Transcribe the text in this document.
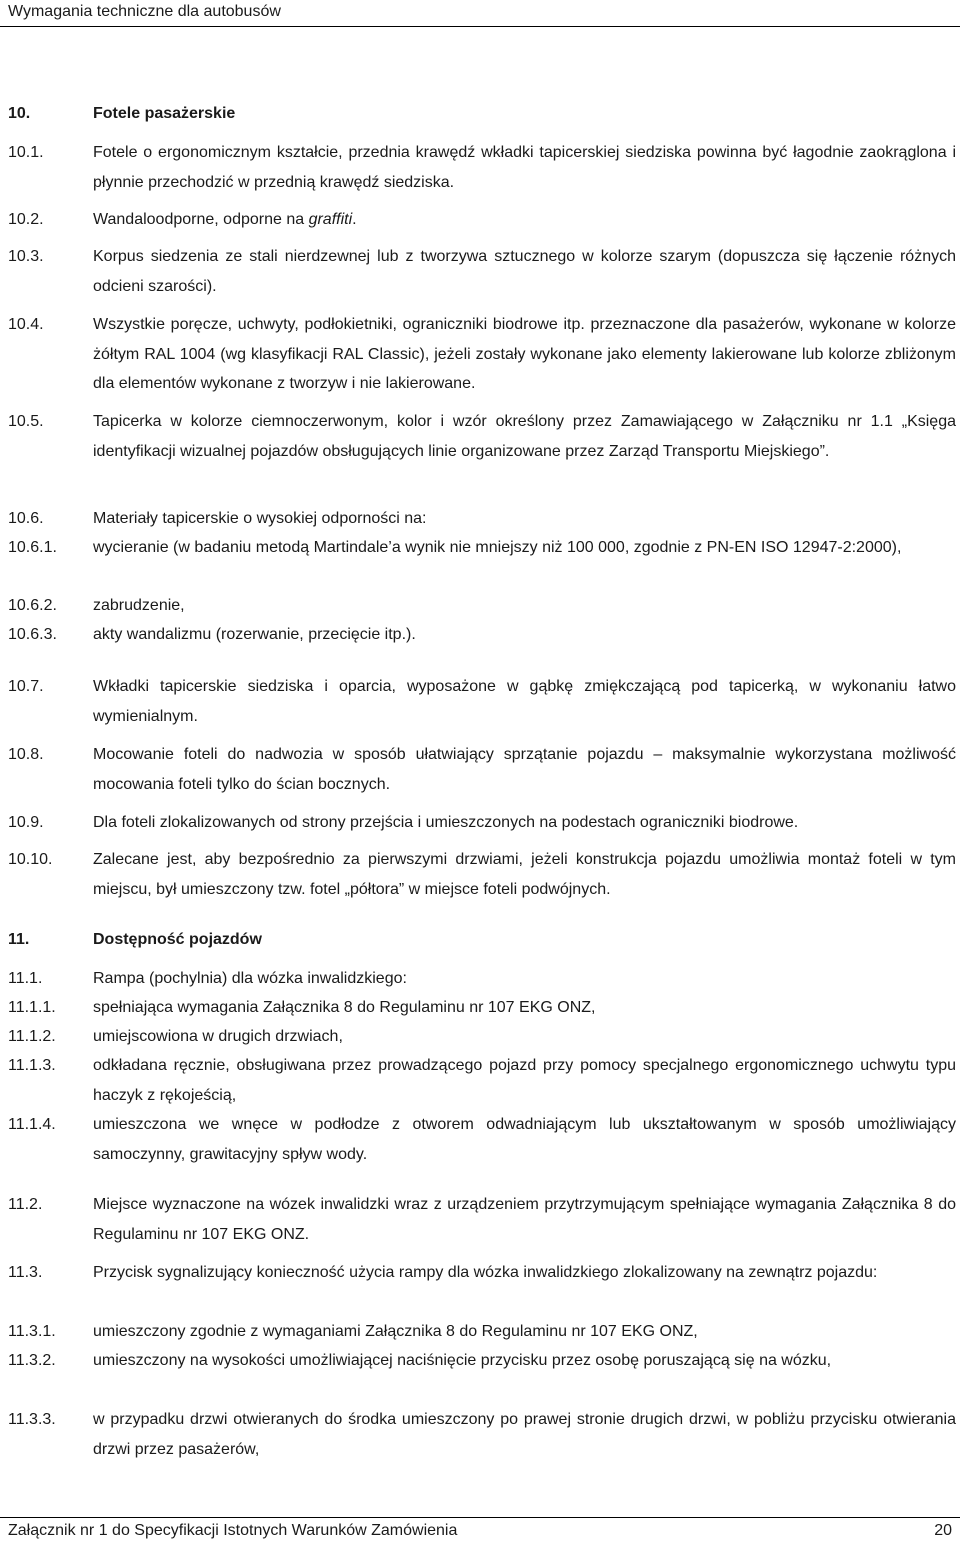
Wymagania techniczne dla autobusów
10.	Fotele pasażerskie
10.1.	Fotele o ergonomicznym kształcie, przednia krawędź wkładki tapicerskiej siedziska powinna być łagodnie zaokrąglona i płynnie przechodzić w przednią krawędź siedziska.
10.2.	Wandaloodporne, odporne na graffiti.
10.3.	Korpus siedzenia ze stali nierdzewnej lub z tworzywa sztucznego w kolorze szarym (dopuszcza się łączenie różnych odcieni szarości).
10.4.	Wszystkie poręcze, uchwyty, podłokietniki, ograniczniki biodrowe itp. przeznaczone dla pasażerów, wykonane w kolorze żółtym RAL 1004 (wg klasyfikacji RAL Classic), jeżeli zostały wykonane jako elementy lakierowane lub kolorze zbliżonym dla elementów wykonane z tworzyw i nie lakierowane.
10.5.	Tapicerka w kolorze ciemnoczerwonym, kolor i wzór określony przez Zamawiającego w Załączniku nr 1.1 „Księga identyfikacji wizualnej pojazdów obsługujących linie organizowane przez Zarząd Transportu Miejskiego”.
10.6.	Materiały tapicerskie o wysokiej odporności na:
10.6.1.	wycieranie (w badaniu metodą Martindale’a wynik nie mniejszy niż 100 000, zgodnie z PN-EN ISO 12947-2:2000),
10.6.2.	zabrudzenie,
10.6.3.	akty wandalizmu (rozerwanie, przecięcie itp.).
10.7.	Wkładki tapicerskie siedziska i oparcia, wyposażone w gąbkę zmiękczającą pod tapicerką, w wykonaniu łatwo wymienialnym.
10.8.	Mocowanie foteli do nadwozia w sposób ułatwiający sprzątanie pojazdu – maksymalnie wykorzystana możliwość mocowania foteli tylko do ścian bocznych.
10.9.	Dla foteli zlokalizowanych od strony przejścia i umieszczonych na podestach ograniczniki biodrowe.
10.10.	Zalecane jest, aby bezpośrednio za pierwszymi drzwiami, jeżeli konstrukcja pojazdu umożliwia montaż foteli w tym miejscu, był umieszczony tzw. fotel „półtora” w miejsce foteli podwójnych.
11.	Dostępność pojazdów
11.1.	Rampa (pochylnia) dla wózka inwalidzkiego:
11.1.1.	spełniająca wymagania Załącznika 8 do Regulaminu nr 107 EKG ONZ,
11.1.2.	umiejscowiona w drugich drzwiach,
11.1.3.	odkładana ręcznie, obsługiwana przez prowadzącego pojazd przy pomocy specjalnego ergonomicznego uchwytu typu haczyk z rękojeścią,
11.1.4.	umieszczona we wnęce w podłodze z otworem odwadniającym lub ukształtowanym w sposób umożliwiający samoczynny, grawitacyjny spływ wody.
11.2.	Miejsce wyznaczone na wózek inwalidzki wraz z urządzeniem przytrzymującym spełniające wymagania Załącznika 8 do Regulaminu nr 107 EKG ONZ.
11.3.	Przycisk sygnalizujący konieczność użycia rampy dla wózka inwalidzkiego zlokalizowany na zewnątrz pojazdu:
11.3.1.	umieszczony zgodnie z wymaganiami Załącznika 8 do Regulaminu nr 107 EKG ONZ,
11.3.2.	umieszczony na wysokości umożliwiającej naciśnięcie przycisku przez osobę poruszającą się na wózku,
11.3.3.	w przypadku drzwi otwieranych do środka umieszczony po prawej stronie drugich drzwi, w pobliżu przycisku otwierania drzwi przez pasażerów,
Załącznik nr 1 do Specyfikacji Istotnych Warunków Zamówienia	20
